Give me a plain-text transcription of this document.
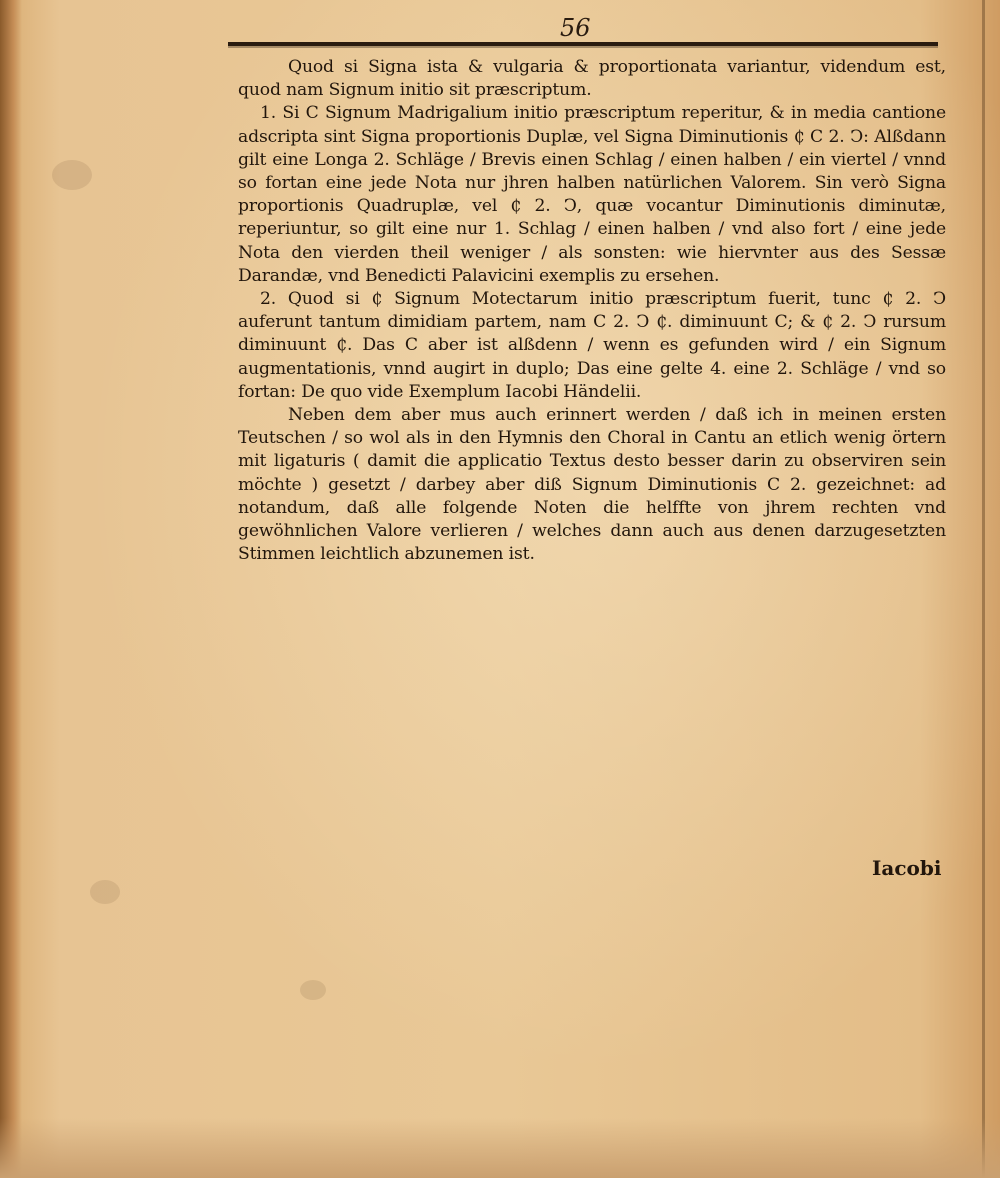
56

Quod si Signa ista & vulgaria & proportionata variantur, videndum est, quod nam Signum initio sit præscriptum.

1. Si C Signum Madrigalium initio præscriptum reperitur, & in media cantione adscripta sint Signa proportionis Duplæ, vel Signa Diminutionis ₵ C 2. Ↄ: Alßdann gilt eine Longa 2. Schläge / Brevis einen Schlag / einen halben / ein viertel / vnnd so fortan eine jede Nota nur jhren halben natürlichen Valorem. Sin verò Signa proportionis Quadruplæ, vel ₵ 2. Ↄ, quæ vocantur Diminutionis diminutæ, reperiuntur, so gilt eine nur 1. Schlag / einen halben / vnd also fort / eine jede Nota den vierden theil weniger / als sonsten: wie hiervnter aus des Sessæ Darandæ, vnd Benedicti Palavicini exemplis zu ersehen.

2. Quod si ₵ Signum Motectarum initio præscriptum fuerit, tunc ₵ 2. Ↄ auferunt tantum dimidiam partem, nam C 2. Ↄ ₵. diminuunt C; & ₵ 2. Ↄ rursum diminuunt ₵. Das C aber ist alßdenn / wenn es gefunden wird / ein Signum augmentationis, vnnd augirt in duplo; Das eine gelte 4. eine 2. Schläge / vnd so fortan: De quo vide Exemplum Iacobi Händelii.

Neben dem aber mus auch erinnert werden / daß ich in meinen ersten Teutschen / so wol als in den Hymnis den Choral in Cantu an etlich wenig örtern mit ligaturis ( damit die applicatio Textus desto besser darin zu observiren sein möchte ) gesetzt / darbey aber diß Signum Diminutionis C 2. gezeichnet: ad notandum, daß alle folgende Noten die helffte von jhrem rechten vnd gewöhnlichen Valore verlieren / welches dann auch aus denen darzugesetzten Stimmen leichtlich abzunemen ist.

Iacobi
